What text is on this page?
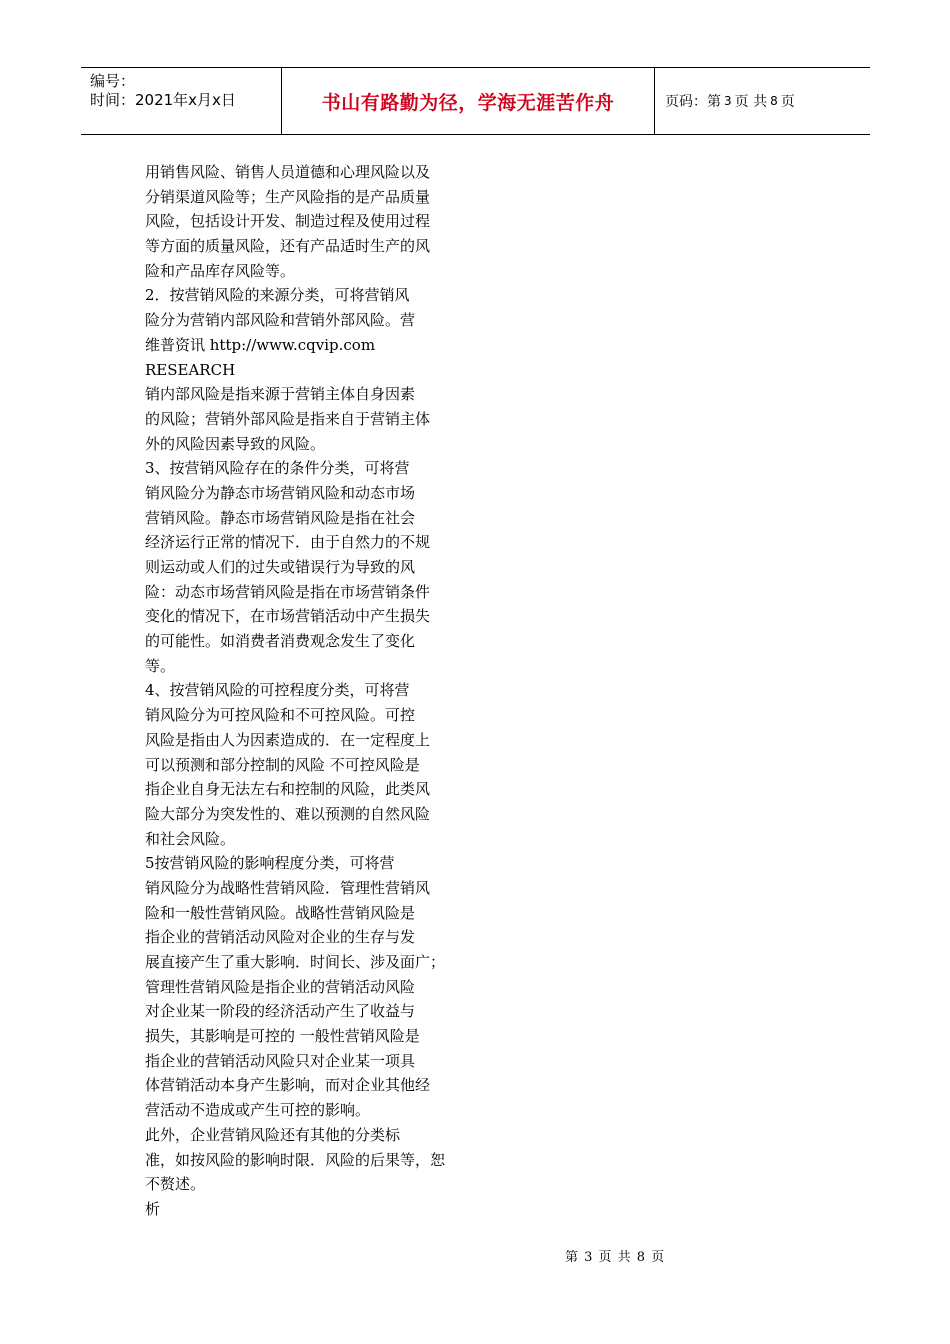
编号：
时间：2021年x月x日	书山有路勤为径，学海无涯苦作舟	页码：第 3 页 共 8 页
用销售风险、销售人员道德和心理风险以及
分销渠道风险等；生产风险指的是产品质量
风险，包括设计开发、制造过程及使用过程
等方面的质量风险，还有产品适时生产的风
险和产品库存风险等。
2．按营销风险的来源分类，可将营销风
险分为营销内部风险和营销外部风险。营
维普资讯 http://www.cqvip.com
RESEARCH
销内部风险是指来源于营销主体自身因素
的风险；营销外部风险是指来自于营销主体
外的风险因素导致的风险。
3、按营销风险存在的条件分类，可将营
销风险分为静态市场营销风险和动态市场
营销风险。静态市场营销风险是指在社会
经济运行正常的情况下．由于自然力的不规
则运动或人们的过失或错误行为导致的风
险：动态市场营销风险是指在市场营销条件
变化的情况下，在市场营销活动中产生损失
的可能性。如消费者消费观念发生了变化
等。
4、按营销风险的可控程度分类，可将营
销风险分为可控风险和不可控风险。可控
风险是指由人为因素造成的．在一定程度上
可以预测和部分控制的风险 不可控风险是
指企业自身无法左右和控制的风险，此类风
险大部分为突发性的、难以预测的自然风险
和社会风险。
5按营销风险的影响程度分类，可将营
销风险分为战略性营销风险．管理性营销风
险和一般性营销风险。战略性营销风险是
指企业的营销活动风险对企业的生存与发
展直接产生了重大影响．时间长、涉及面广；
管理性营销风险是指企业的营销活动风险
对企业某一阶段的经济活动产生了收益与
损失，其影响是可控的 一般性营销风险是
指企业的营销活动风险只对企业某一项具
体营销活动本身产生影响，而对企业其他经
营活动不造成或产生可控的影响。
此外，企业营销风险还有其他的分类标
准，如按风险的影响时限．风险的后果等，恕
不赘述。
析
第 3 页 共 8 页
